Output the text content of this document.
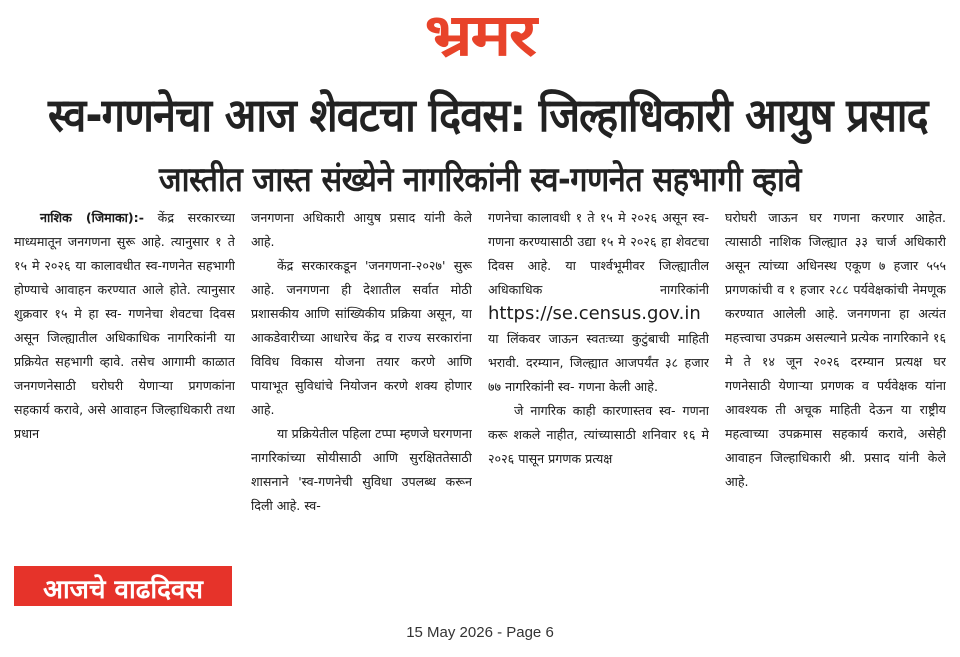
भ्रमर
स्व-गणनेचा आज शेवटचा दिवस: जिल्हाधिकारी आयुष प्रसाद
जास्तीत जास्त संख्येने नागरिकांनी स्व-गणनेत सहभागी व्हावे

नाशिक (जिमाका):- केंद्र सरकारच्या माध्यमातून जनगणना सुरू आहे. त्यानुसार १ ते १५ मे २०२६ या कालावधीत स्व-गणनेत सहभागी होण्याचे आवाहन करण्यात आले होते. त्यानुसार शुक्रवार १५ मे हा स्व- गणनेचा शेवटचा दिवस असून जिल्ह्यातील अधिकाधिक नागरिकांनी या प्रक्रियेत सहभागी व्हावे. तसेच आगामी काळात जनगणनेसाठी घरोघरी येणाऱ्या प्रगणकांना सहकार्य करावे, असे आवाहन जिल्हाधिकारी तथा प्रधान

आजचे वाढदिवस

जनगणना अधिकारी आयुष प्रसाद यांनी केले आहे.

केंद्र सरकारकडून 'जनगणना-२०२७' सुरू आहे. जनगणना ही देशातील सर्वात मोठी प्रशासकीय आणि सांख्यिकीय प्रक्रिया असून, या आकडेवारीच्या आधारेच केंद्र व राज्य सरकारांना विविध विकास योजना तयार करणे आणि पायाभूत सुविधांचे नियोजन करणे शक्य होणार आहे.

या प्रक्रियेतील पहिला टप्पा म्हणजे घरगणना नागरिकांच्या सोयीसाठी आणि सुरक्षिततेसाठी शासनाने 'स्व-गणनेची सुविधा उपलब्ध करून दिली आहे. स्व-

गणनेचा कालावधी १ ते १५ मे २०२६ असून स्व- गणना करण्यासाठी उद्या १५ मे २०२६ हा शेवटचा दिवस आहे. या पार्श्वभूमीवर जिल्ह्यातील अधिकाधिक नागरिकांनी https://se.census.gov.in या लिंकवर जाऊन स्वतःच्या कुटुंबाची माहिती भरावी. दरम्यान, जिल्ह्यात आजपर्यंत ३८ हजार ७७ नागरिकांनी स्व- गणना केली आहे.

जे नागरिक काही कारणास्तव स्व- गणना करू शकले नाहीत, त्यांच्यासाठी शनिवार १६ मे २०२६ पासून प्रगणक प्रत्यक्ष

घरोघरी जाऊन घर गणना करणार आहेत. त्यासाठी नाशिक जिल्ह्यात ३३ चार्ज अधिकारी असून त्यांच्या अधिनस्थ एकूण ७ हजार ५५५ प्रगणकांची व १ हजार २८८ पर्यवेक्षकांची नेमणूक करण्यात आलेली आहे. जनगणना हा अत्यंत महत्त्वाचा उपक्रम असल्याने प्रत्येक नागरिकाने १६ मे ते १४ जून २०२६ दरम्यान प्रत्यक्ष घर गणनेसाठी येणाऱ्या प्रगणक व पर्यवेक्षक यांना आवश्यक ती अचूक माहिती देऊन या राष्ट्रीय महत्वाच्या उपक्रमास सहकार्य करावे, असेही आवाहन जिल्हाधिकारी श्री. प्रसाद यांनी केले आहे.

15 May 2026 - Page 6
